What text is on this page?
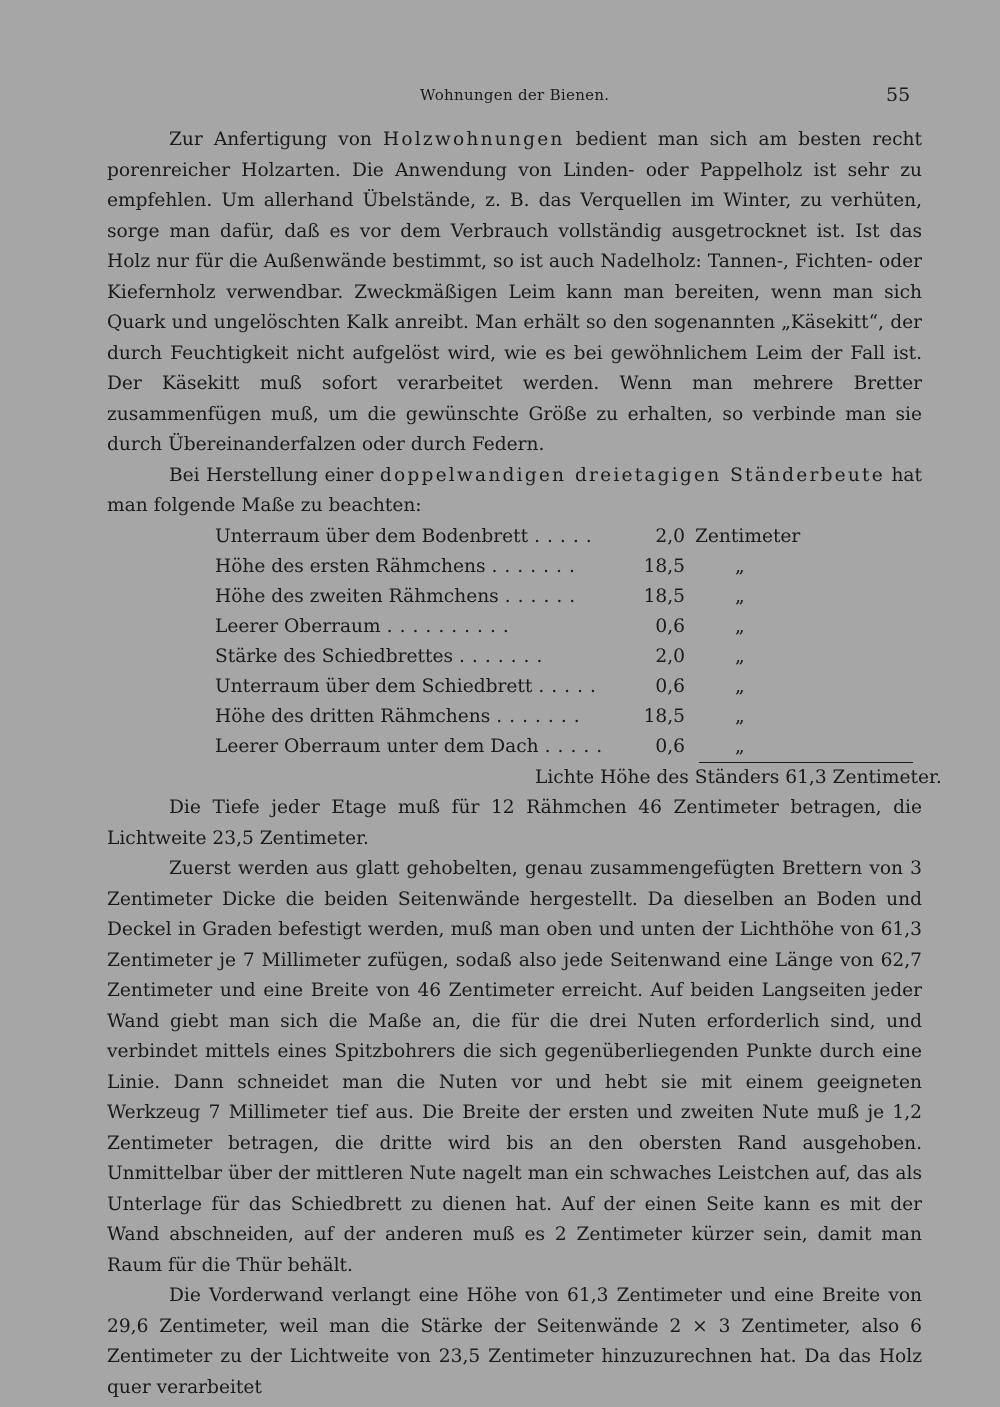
Wohnungen der Bienen.	55

Zur Anfertigung von Holzwohnungen bedient man sich am besten recht porenreicher Holzarten. Die Anwendung von Linden- oder Pappelholz ist sehr zu empfehlen. Um allerhand Übelstände, z. B. das Verquellen im Winter, zu verhüten, sorge man dafür, daß es vor dem Verbrauch vollständig ausgetrocknet ist. Ist das Holz nur für die Außenwände bestimmt, so ist auch Nadelholz: Tannen-, Fichten- oder Kiefernholz verwendbar. Zweckmäßigen Leim kann man bereiten, wenn man sich Quark und ungelöschten Kalk anreibt. Man erhält so den sogenannten „Käsekitt“, der durch Feuchtigkeit nicht aufgelöst wird, wie es bei gewöhnlichem Leim der Fall ist. Der Käsekitt muß sofort verarbeitet werden. Wenn man mehrere Bretter zusammenfügen muß, um die gewünschte Größe zu erhalten, so verbinde man sie durch Übereinanderfalzen oder durch Federn.

Bei Herstellung einer doppelwandigen dreietagigen Ständerbeute hat man folgende Maße zu beachten:

Unterraum über dem Bodenbrett .....	2,0 Zentimeter
Höhe des ersten Rähmchens .......	18,5	„
Höhe des zweiten Rähmchens ......	18,5	„
Leerer Oberraum ..........	0,6	„
Stärke des Schiedbrettes .......	2,0	„
Unterraum über dem Schiedbrett .....	0,6	„
Höhe des dritten Rähmchens .......	18,5	„
Leerer Oberraum unter dem Dach .....	0,6	„
Lichte Höhe des Ständers 61,3 Zentimeter.

Die Tiefe jeder Etage muß für 12 Rähmchen 46 Zentimeter betragen, die Lichtweite 23,5 Zentimeter.

Zuerst werden aus glatt gehobelten, genau zusammengefügten Brettern von 3 Zentimeter Dicke die beiden Seitenwände hergestellt. Da dieselben an Boden und Deckel in Graden befestigt werden, muß man oben und unten der Lichthöhe von 61,3 Zentimeter je 7 Millimeter zufügen, sodaß also jede Seitenwand eine Länge von 62,7 Zentimeter und eine Breite von 46 Zentimeter erreicht. Auf beiden Langseiten jeder Wand giebt man sich die Maße an, die für die drei Nuten erforderlich sind, und verbindet mittels eines Spitzbohrers die sich gegenüberliegenden Punkte durch eine Linie. Dann schneidet man die Nuten vor und hebt sie mit einem geeigneten Werkzeug 7 Millimeter tief aus. Die Breite der ersten und zweiten Nute muß je 1,2 Zentimeter betragen, die dritte wird bis an den obersten Rand ausgehoben. Unmittelbar über der mittleren Nute nagelt man ein schwaches Leistchen auf, das als Unterlage für das Schiedbrett zu dienen hat. Auf der einen Seite kann es mit der Wand abschneiden, auf der anderen muß es 2 Zentimeter kürzer sein, damit man Raum für die Thür behält.

Die Vorderwand verlangt eine Höhe von 61,3 Zentimeter und eine Breite von 29,6 Zentimeter, weil man die Stärke der Seitenwände 2 × 3 Zentimeter, also 6 Zentimeter zu der Lichtweite von 23,5 Zentimeter hinzuzurechnen hat. Da das Holz quer verarbeitet
